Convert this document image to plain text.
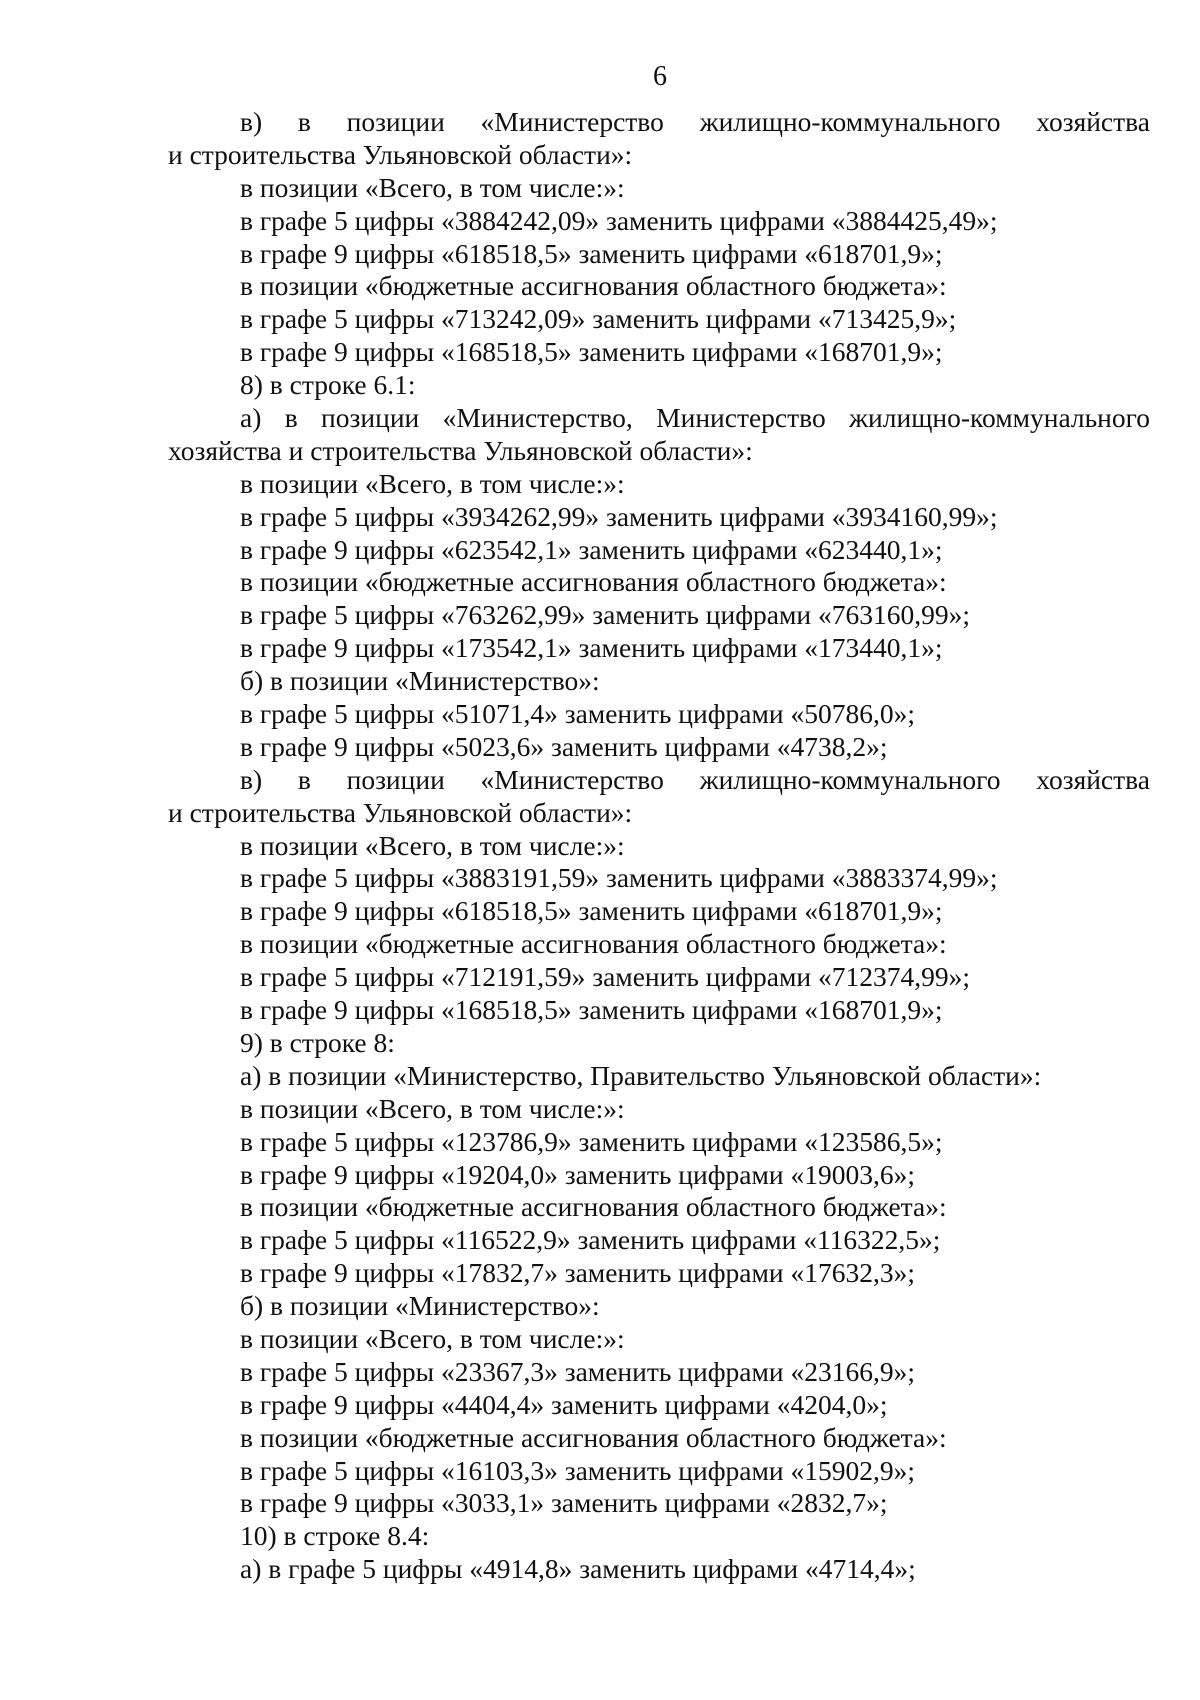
6

в) в позиции «Министерство жилищно-коммунального хозяйства

и строительства Ульяновской области»:

в позиции «Всего, в том числе:»:

в графе 5 цифры «3884242,09» заменить цифрами «3884425,49»;

в графе 9 цифры «618518,5» заменить цифрами «618701,9»;

в позиции «бюджетные ассигнования областного бюджета»:

в графе 5 цифры «713242,09» заменить цифрами «713425,9»;

в графе 9 цифры «168518,5» заменить цифрами «168701,9»;

8) в строке 6.1:

а) в позиции «Министерство, Министерство жилищно-коммунального

хозяйства и строительства Ульяновской области»:

в позиции «Всего, в том числе:»:

в графе 5 цифры «3934262,99» заменить цифрами «3934160,99»;

в графе 9 цифры «623542,1» заменить цифрами «623440,1»;

в позиции «бюджетные ассигнования областного бюджета»:

в графе 5 цифры «763262,99» заменить цифрами «763160,99»;

в графе 9 цифры «173542,1» заменить цифрами «173440,1»;

б) в позиции «Министерство»:

в графе 5 цифры «51071,4» заменить цифрами «50786,0»;

в графе 9 цифры «5023,6» заменить цифрами «4738,2»;

в) в позиции «Министерство жилищно-коммунального хозяйства

и строительства Ульяновской области»:

в позиции «Всего, в том числе:»:

в графе 5 цифры «3883191,59» заменить цифрами «3883374,99»;

в графе 9 цифры «618518,5» заменить цифрами «618701,9»;

в позиции «бюджетные ассигнования областного бюджета»:

в графе 5 цифры «712191,59» заменить цифрами «712374,99»;

в графе 9 цифры «168518,5» заменить цифрами «168701,9»;

9) в строке 8:

а) в позиции «Министерство, Правительство Ульяновской области»:

в позиции «Всего, в том числе:»:

в графе 5 цифры «123786,9» заменить цифрами «123586,5»;

в графе 9 цифры «19204,0» заменить цифрами «19003,6»;

в позиции «бюджетные ассигнования областного бюджета»:

в графе 5 цифры «116522,9» заменить цифрами «116322,5»;

в графе 9 цифры «17832,7» заменить цифрами «17632,3»;

б) в позиции «Министерство»:

в позиции «Всего, в том числе:»:

в графе 5 цифры «23367,3» заменить цифрами «23166,9»;

в графе 9 цифры «4404,4» заменить цифрами «4204,0»;

в позиции «бюджетные ассигнования областного бюджета»:

в графе 5 цифры «16103,3» заменить цифрами «15902,9»;

в графе 9 цифры «3033,1» заменить цифрами «2832,7»;

10) в строке 8.4:

а) в графе 5 цифры «4914,8» заменить цифрами «4714,4»;
